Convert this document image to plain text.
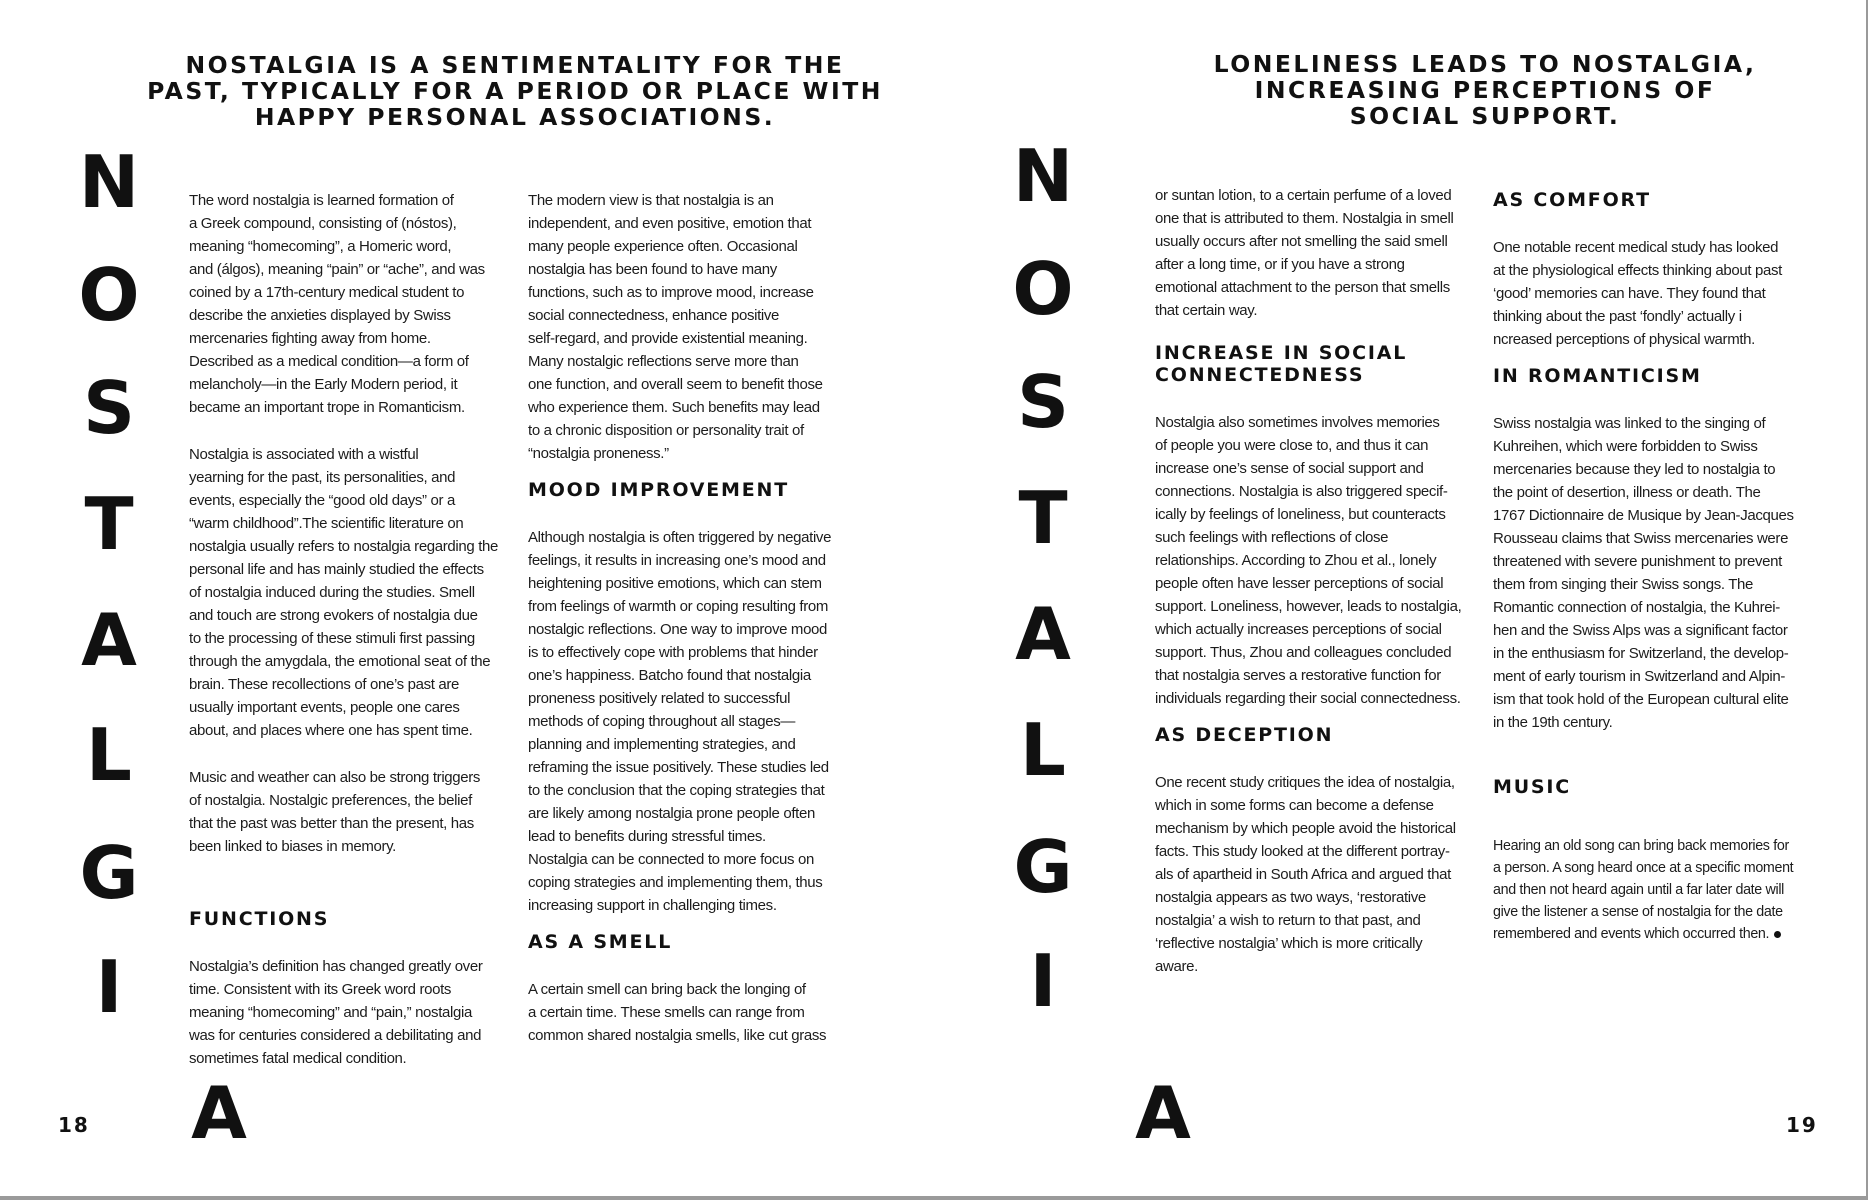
NOSTALGIA IS A SENTIMENTALITY FOR THE
PAST, TYPICALLY FOR A PERIOD OR PLACE WITH
HAPPY PERSONAL ASSOCIATIONS.
N
O
S
T
A
L
G
I
A

The word nostalgia is learned formation of
a Greek compound, consisting of (nóstos),
meaning “homecoming”, a Homeric word,
and (álgos), meaning “pain” or “ache”, and was
coined by a 17th-century medical student to
describe the anxieties displayed by Swiss
mercenaries fighting away from home.
Described as a medical condition—a form of
melancholy—in the Early Modern period, it
became an important trope in Romanticism.

Nostalgia is associated with a wistful
yearning for the past, its personalities, and
events, especially the “good old days” or a
“warm childhood”.The scientific literature on
nostalgia usually refers to nostalgia regarding the
personal life and has mainly studied the effects
of nostalgia induced during the studies. Smell
and touch are strong evokers of nostalgia due
to the processing of these stimuli first passing
through the amygdala, the emotional seat of the
brain. These recollections of one’s past are
usually important events, people one cares
about, and places where one has spent time.

Music and weather can also be strong triggers
of nostalgia. Nostalgic preferences, the belief
that the past was better than the present, has
been linked to biases in memory.

FUNCTIONS

Nostalgia’s definition has changed greatly over
time. Consistent with its Greek word roots
meaning “homecoming” and “pain,” nostalgia
was for centuries considered a debilitating and
sometimes fatal medical condition.

The modern view is that nostalgia is an
independent, and even positive, emotion that
many people experience often. Occasional
nostalgia has been found to have many
functions, such as to improve mood, increase
social connectedness, enhance positive
self-regard, and provide existential meaning.
Many nostalgic reflections serve more than
one function, and overall seem to benefit those
who experience them. Such benefits may lead
to a chronic disposition or personality trait of
“nostalgia proneness.”

MOOD IMPROVEMENT

Although nostalgia is often triggered by negative
feelings, it results in increasing one’s mood and
heightening positive emotions, which can stem
from feelings of warmth or coping resulting from
nostalgic reflections. One way to improve mood
is to effectively cope with problems that hinder
one’s happiness. Batcho found that nostalgia
proneness positively related to successful
methods of coping throughout all stages—
planning and implementing strategies, and
reframing the issue positively. These studies led
to the conclusion that the coping strategies that
are likely among nostalgia prone people often
lead to benefits during stressful times.
Nostalgia can be connected to more focus on
coping strategies and implementing them, thus
increasing support in challenging times.

AS A SMELL

A certain smell can bring back the longing of
a certain time. These smells can range from
common shared nostalgia smells, like cut grass

18
LONELINESS LEADS TO NOSTALGIA,
INCREASING PERCEPTIONS OF
SOCIAL SUPPORT.
N
O
S
T
A
L
G
I
A

or suntan lotion, to a certain perfume of a loved
one that is attributed to them. Nostalgia in smell
usually occurs after not smelling the said smell
after a long time, or if you have a strong
emotional attachment to the person that smells
that certain way.

INCREASE IN SOCIAL
CONNECTEDNESS

Nostalgia also sometimes involves memories
of people you were close to, and thus it can
increase one’s sense of social support and
connections. Nostalgia is also triggered specif-
ically by feelings of loneliness, but counteracts
such feelings with reflections of close
relationships. According to Zhou et al., lonely
people often have lesser perceptions of social
support. Loneliness, however, leads to nostalgia,
which actually increases perceptions of social
support. Thus, Zhou and colleagues concluded
that nostalgia serves a restorative function for
individuals regarding their social connectedness.

AS DECEPTION

One recent study critiques the idea of nostalgia,
which in some forms can become a defense
mechanism by which people avoid the historical
facts. This study looked at the different portray-
als of apartheid in South Africa and argued that
nostalgia appears as two ways, ‘restorative
nostalgia’ a wish to return to that past, and
‘reflective nostalgia’ which is more critically
aware.

AS COMFORT

One notable recent medical study has looked
at the physiological effects thinking about past
‘good’ memories can have. They found that
thinking about the past ‘fondly’ actually i
ncreased perceptions of physical warmth.

IN ROMANTICISM

Swiss nostalgia was linked to the singing of
Kuhreihen, which were forbidden to Swiss
mercenaries because they led to nostalgia to
the point of desertion, illness or death. The
1767 Dictionnaire de Musique by Jean-Jacques
Rousseau claims that Swiss mercenaries were
threatened with severe punishment to prevent
them from singing their Swiss songs. The
Romantic connection of nostalgia, the Kuhrei-
hen and the Swiss Alps was a significant factor
in the enthusiasm for Switzerland, the develop-
ment of early tourism in Switzerland and Alpin-
ism that took hold of the European cultural elite
in the 19th century.

MUSIC

Hearing an old song can bring back memories for
a person. A song heard once at a specific moment
and then not heard again until a far later date will
give the listener a sense of nostalgia for the date
remembered and events which occurred then.

19
